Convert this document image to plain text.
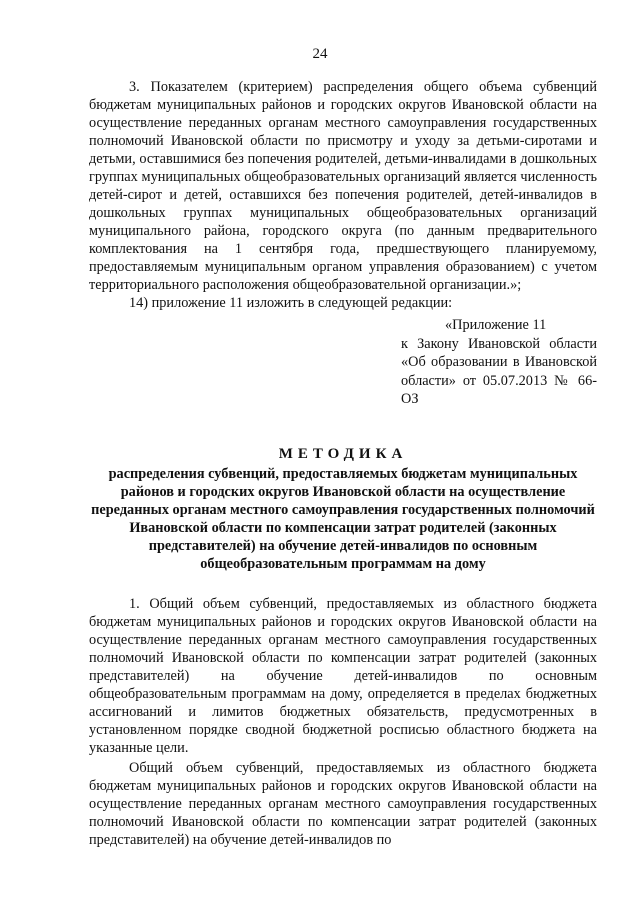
24

3. Показателем (критерием) распределения общего объема субвенций бюджетам муниципальных районов и городских округов Ивановской области на осуществление переданных органам местного самоуправления государственных полномочий Ивановской области по присмотру и уходу за детьми-сиротами и детьми, оставшимися без попечения родителей, детьми-инвалидами в дошкольных группах муниципальных общеобразовательных организаций является численность детей-сирот и детей, оставшихся без попечения родителей, детей-инвалидов в дошкольных группах муниципальных общеобразовательных организаций муниципального района, городского округа (по данным предварительного комплектования на 1 сентября года, предшествующего планируемому, предоставляемым муниципальным органом управления образованием) с учетом территориального расположения общеобразовательной организации.»;

14) приложение 11 изложить в следующей редакции:

«Приложение 11
к Закону Ивановской области «Об образовании в Ивановской области» от 05.07.2013 № 66-ОЗ
МЕТОДИКА
распределения субвенций, предоставляемых бюджетам муниципальных районов и городских округов Ивановской области на осуществление переданных органам местного самоуправления государственных полномочий Ивановской области по компенсации затрат родителей (законных представителей) на обучение детей-инвалидов по основным общеобразовательным программам на дому

1. Общий объем субвенций, предоставляемых из областного бюджета бюджетам муниципальных районов и городских округов Ивановской области на осуществление переданных органам местного самоуправления государственных полномочий Ивановской области по компенсации затрат родителей (законных представителей) на обучение детей-инвалидов по основным общеобразовательным программам на дому, определяется в пределах бюджетных ассигнований и лимитов бюджетных обязательств, предусмотренных в установленном порядке сводной бюджетной росписью областного бюджета на указанные цели.

Общий объем субвенций, предоставляемых из областного бюджета бюджетам муниципальных районов и городских округов Ивановской области на осуществление переданных органам местного самоуправления государственных полномочий Ивановской области по компенсации затрат родителей (законных представителей) на обучение детей-инвалидов по
